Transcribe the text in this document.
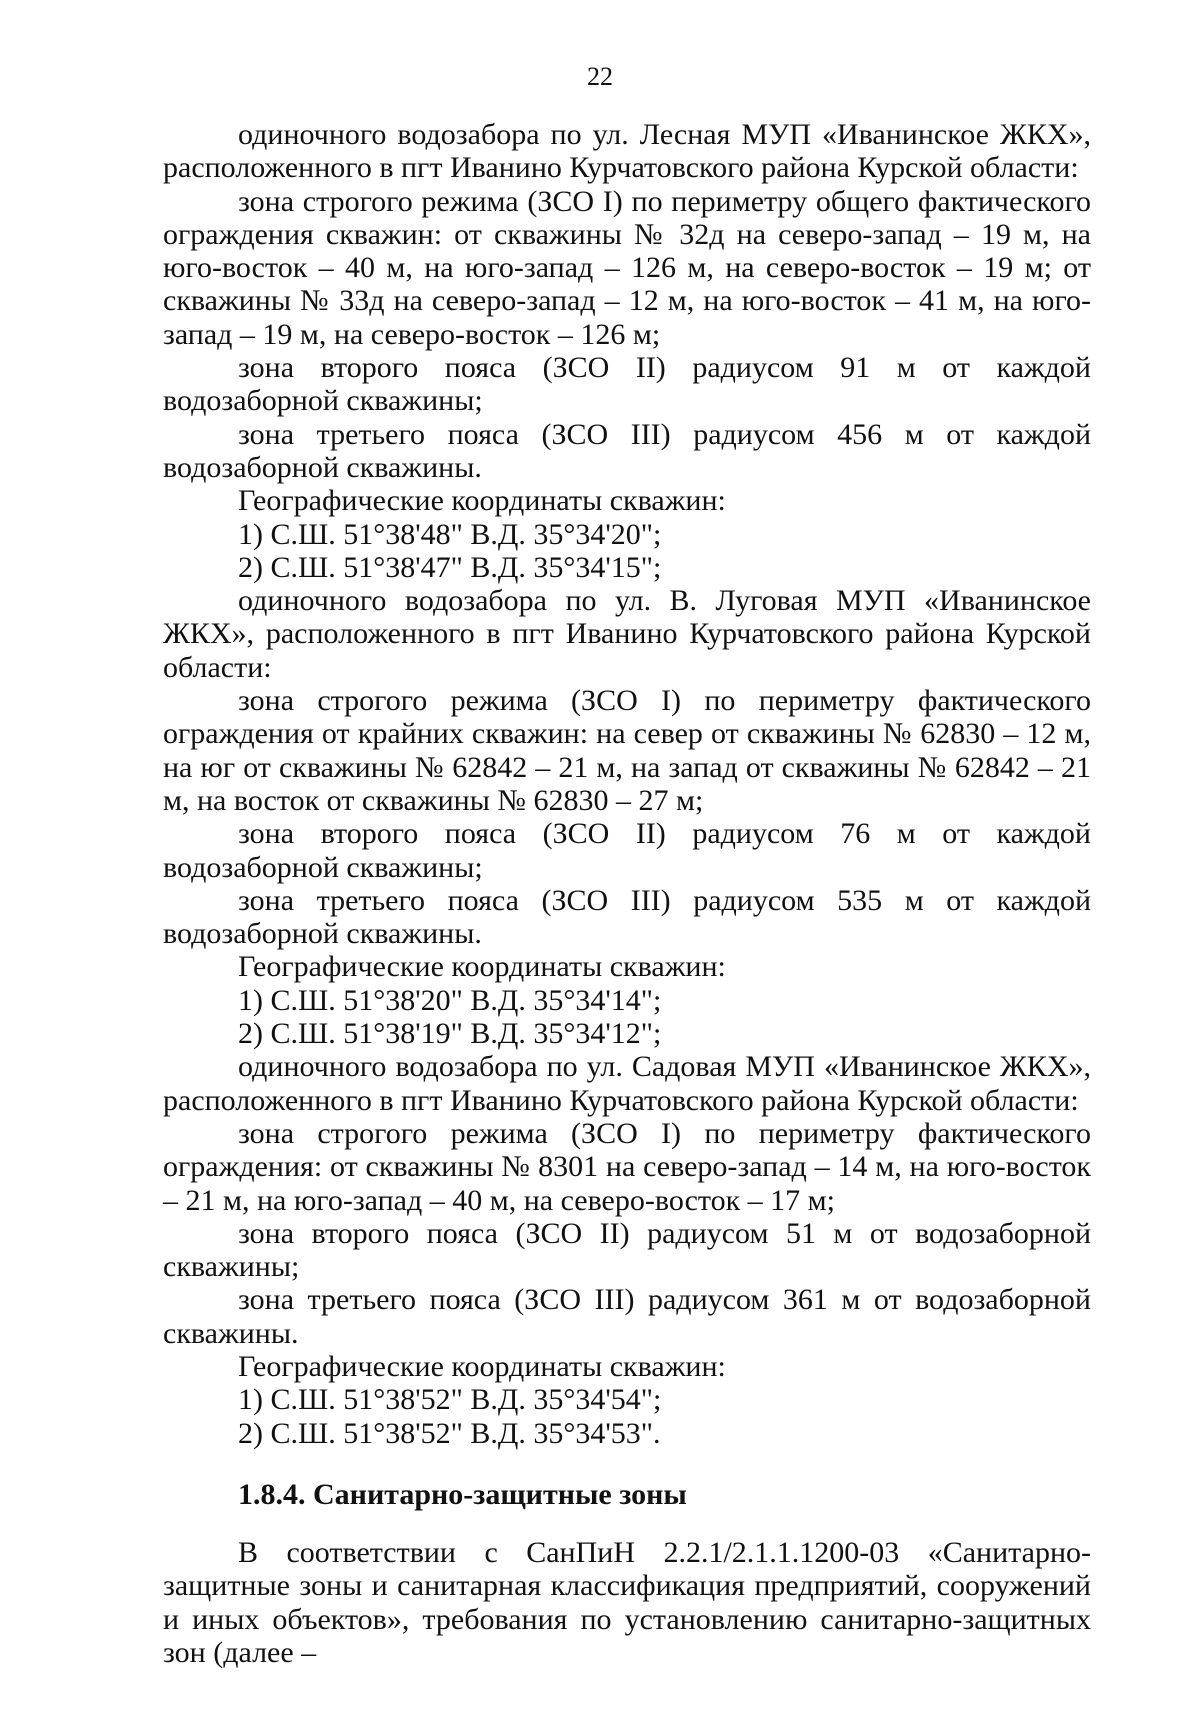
22

одиночного водозабора по ул. Лесная МУП «Иванинское ЖКХ», расположенного в пгт Иванино Курчатовского района Курской области:

зона строгого режима (ЗСО I) по периметру общего фактического ограждения скважин: от скважины № 32д на северо-запад – 19 м, на юго-восток – 40 м, на юго-запад – 126 м, на северо-восток – 19 м; от скважины № 33д на северо-запад – 12 м, на юго-восток – 41 м, на юго-запад – 19 м, на северо-восток – 126 м;

зона второго пояса (ЗСО II) радиусом 91 м от каждой водозаборной скважины;

зона третьего пояса (ЗСО III) радиусом 456 м от каждой водозаборной скважины.

Географические координаты скважин:

1) С.Ш. 51°38'48" В.Д. 35°34'20";

2) С.Ш. 51°38'47" В.Д. 35°34'15";

одиночного водозабора по ул. В. Луговая МУП «Иванинское ЖКХ», расположенного в пгт Иванино Курчатовского района Курской области:

зона строгого режима (ЗСО I) по периметру фактического ограждения от крайних скважин: на север от скважины № 62830 – 12 м, на юг от скважины № 62842 – 21 м, на запад от скважины № 62842 – 21 м, на восток от скважины № 62830 – 27 м;

зона второго пояса (ЗСО II) радиусом 76 м от каждой водозаборной скважины;

зона третьего пояса (ЗСО III) радиусом 535 м от каждой водозаборной скважины.

Географические координаты скважин:

1) С.Ш. 51°38'20" В.Д. 35°34'14";

2) С.Ш. 51°38'19" В.Д. 35°34'12";

одиночного водозабора по ул. Садовая МУП «Иванинское ЖКХ», расположенного в пгт Иванино Курчатовского района Курской области:

зона строгого режима (ЗСО I) по периметру фактического ограждения: от скважины № 8301 на северо-запад – 14 м, на юго-восток – 21 м, на юго-запад – 40 м, на северо-восток – 17 м;

зона второго пояса (ЗСО II) радиусом 51 м от водозаборной скважины;

зона третьего пояса (ЗСО III) радиусом 361 м от водозаборной скважины.

Географические координаты скважин:

1) С.Ш. 51°38'52" В.Д. 35°34'54";

2) С.Ш. 51°38'52" В.Д. 35°34'53".

1.8.4. Санитарно-защитные зоны

В соответствии с СанПиН 2.2.1/2.1.1.1200-03 «Санитарно-защитные зоны и санитарная классификация предприятий, сооружений и иных объектов», требования по установлению санитарно-защитных зон (далее –
